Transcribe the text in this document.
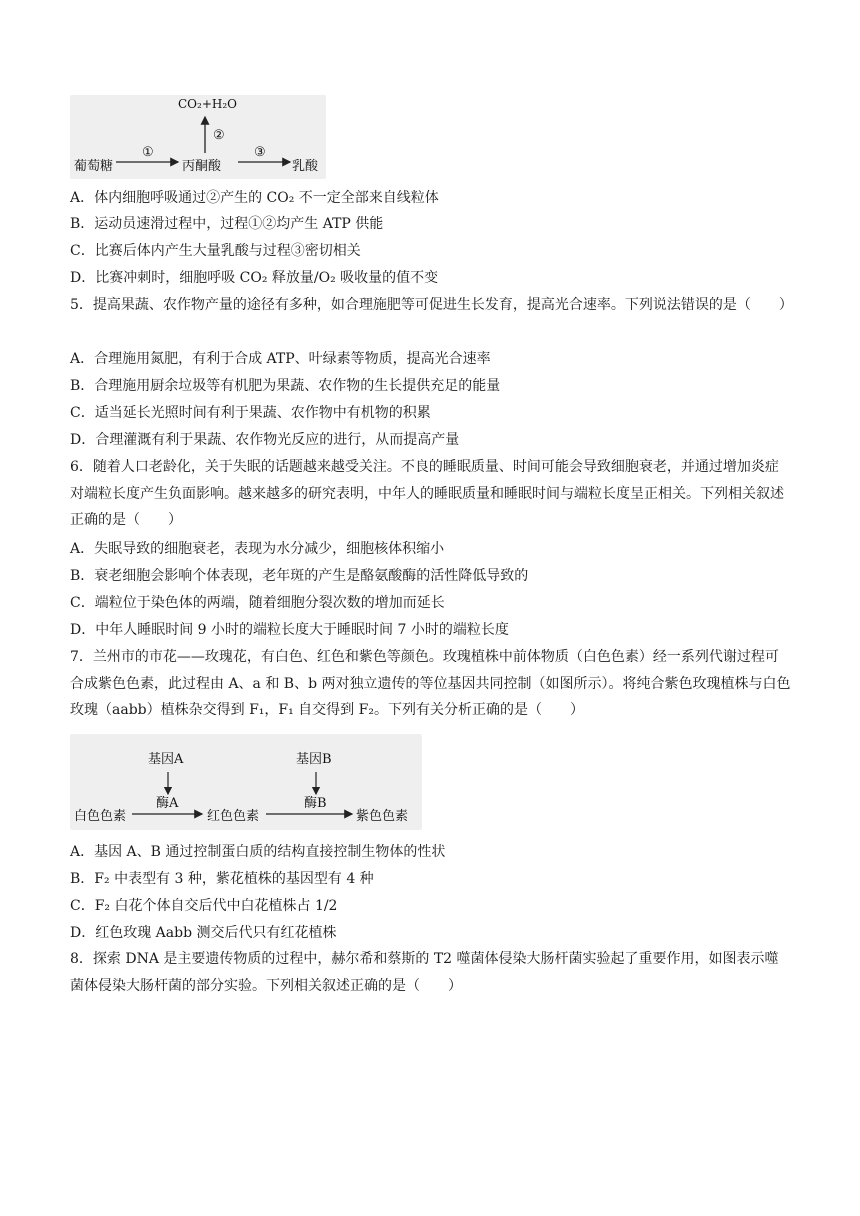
CO₂+H₂O
②
葡萄糖
①
丙酮酸
③
乳酸
A．体内细胞呼吸通过②产生的 CO₂ 不一定全部来自线粒体
B．运动员速滑过程中，过程①②均产生 ATP 供能
C．比赛后体内产生大量乳酸与过程③密切相关
D．比赛冲刺时，细胞呼吸 CO₂ 释放量/O₂ 吸收量的值不变
5．提高果蔬、农作物产量的途径有多种，如合理施肥等可促进生长发育，提高光合速率。下列说法错误的是（　　）
A．合理施用氮肥，有利于合成 ATP、叶绿素等物质，提高光合速率
B．合理施用厨余垃圾等有机肥为果蔬、农作物的生长提供充足的能量
C．适当延长光照时间有利于果蔬、农作物中有机物的积累
D．合理灌溉有利于果蔬、农作物光反应的进行，从而提高产量
6．随着人口老龄化，关于失眠的话题越来越受关注。不良的睡眠质量、时间可能会导致细胞衰老，并通过增加炎症对端粒长度产生负面影响。越来越多的研究表明，中年人的睡眠质量和睡眠时间与端粒长度呈正相关。下列相关叙述正确的是（　　）
A．失眠导致的细胞衰老，表现为水分减少，细胞核体积缩小
B．衰老细胞会影响个体表现，老年斑的产生是酪氨酸酶的活性降低导致的
C．端粒位于染色体的两端，随着细胞分裂次数的增加而延长
D．中年人睡眠时间 9 小时的端粒长度大于睡眠时间 7 小时的端粒长度
7．兰州市的市花——玫瑰花，有白色、红色和紫色等颜色。玫瑰植株中前体物质（白色色素）经一系列代谢过程可合成紫色色素，此过程由 A、a 和 B、b 两对独立遗传的等位基因共同控制（如图所示）。将纯合紫色玫瑰植株与白色玫瑰（aabb）植株杂交得到 F₁，F₁ 自交得到 F₂。下列有关分析正确的是（　　）
基因A	基因B
酶A	酶B
白色色素	红色色素	紫色色素
A．基因 A、B 通过控制蛋白质的结构直接控制生物体的性状
B．F₂ 中表型有 3 种，紫花植株的基因型有 4 种
C．F₂ 白花个体自交后代中白花植株占 1/2
D．红色玫瑰 Aabb 测交后代只有红花植株
8．探索 DNA 是主要遗传物质的过程中，赫尔希和蔡斯的 T2 噬菌体侵染大肠杆菌实验起了重要作用，如图表示噬菌体侵染大肠杆菌的部分实验。下列相关叙述正确的是（　　）
